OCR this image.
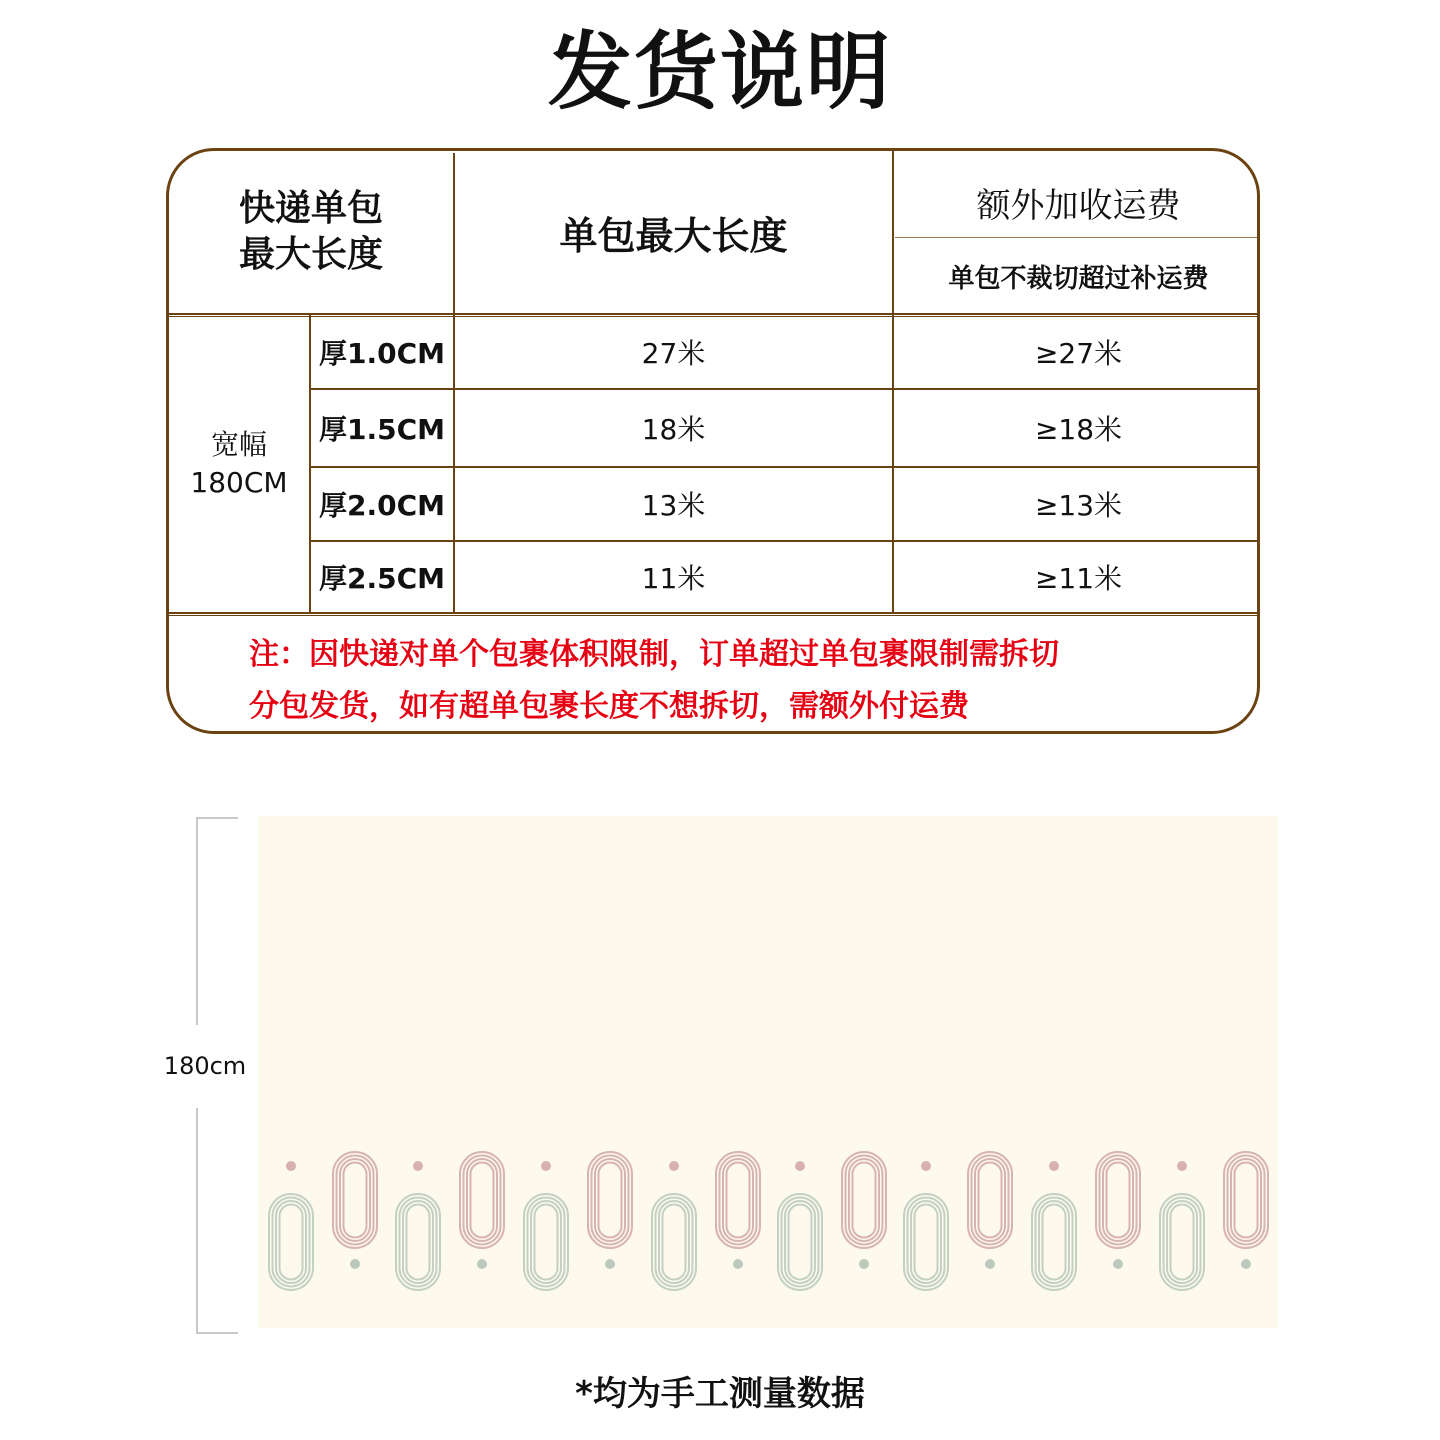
发货说明
快递单包
最大长度	单包最大长度
额外加收运费
单包不裁切超过补运费
宽幅
180CM
厚1.0CM	27米	≥27米
厚1.5CM	18米	≥18米
厚2.0CM	13米	≥13米
厚2.5CM	11米	≥11米
注：因快递对单个包裹体积限制，订单超过单包裹限制需拆切
分包发货，如有超单包裹长度不想拆切，需额外付运费
180cm
*均为手工测量数据
